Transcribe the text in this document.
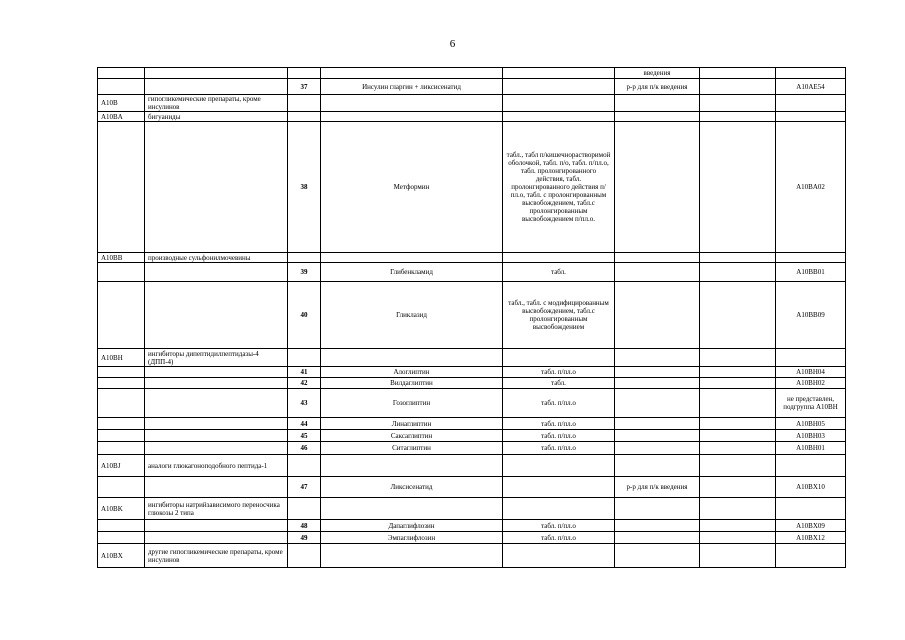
6
					введения		
		37	Инсулин гларгин + ликсисенатид		р-р для п/к введения		A10AE54
A10B	гипогликемические препараты, кроме инсулинов						
A10BA	бигуаниды						
		38	Метформин	табл., табл п/кишечнорастворимой оболочкой, табл. п/о, табл. п/пл.о, табл. пролонгированного действия, табл. пролонгированного действия п/пл.о, табл. с пролонгированным высвобождением, табл.с пролонгированным высвобождением п/пл.о.			A10BA02
A10BB	производные сульфонилмочевины						
		39	Глибенкламид	табл.			A10BB01
		40	Гликлазид	табл., табл. с модифицированным высвобождением, табл.с пролонгированным высвобождением			A10BB09
A10BH	ингибиторы дипептидилпептидазы-4 (ДПП-4)						
		41	Алоглиптин	табл. п/пл.о			A10BH04
		42	Вилдаглиптин	табл.			A10BH02
		43	Гозоглиптин	табл. п/пл.о			не представлен, подгруппа A10BH
		44	Линаглиптин	табл. п/пл.о			A10BH05
		45	Саксаглиптин	табл. п/пл.о			A10BH03
		46	Ситаглиптин	табл. п/пл.о			A10BH01
A10BJ	аналоги глюкагоноподобного пептида-1						
		47	Ликсисенатид		р-р для п/к введения		A10BX10
A10BK	ингибиторы натрийзависимого переносчика глюкозы 2 типа						
		48	Дапаглифлозин	табл. п/пл.о			A10BX09
		49	Эмпаглифлозин	табл. п/пл.о			A10BX12
A10BX	другие гипогликемические препараты, кроме инсулинов						
